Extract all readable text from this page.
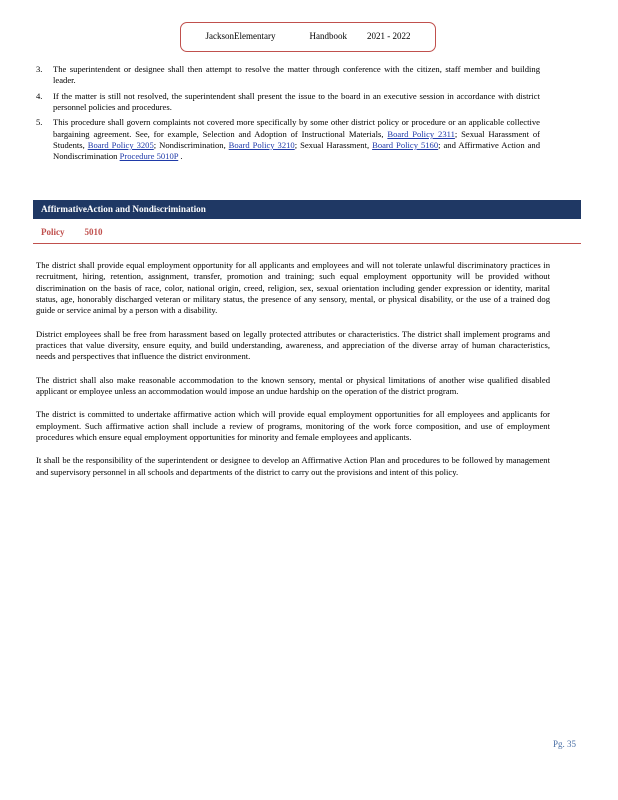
JacksonElementary	Handbook 2021 - 2022
3.	The superintendent or designee shall then attempt to resolve the matter through conference with the citizen, staff member and building leader.
4.	If the matter is still not resolved, the superintendent shall present the issue to the board in an executive session in accordance with district personnel policies and procedures.
5.	This procedure shall govern complaints not covered more specifically by some other district policy or procedure or an applicable collective bargaining agreement. See, for example, Selection and Adoption of Instructional Materials, Board Policy 2311; Sexual Harassment of Students, Board Policy 3205; Nondiscrimination, Board Policy 3210; Sexual Harassment, Board Policy 5160; and Affirmative Action and Nondiscrimination Procedure 5010P .
AffirmativeAction and Nondiscrimination
Policy 5010

The district shall provide equal employment opportunity for all applicants and employees and will not tolerate unlawful discriminatory practices in recruitment, hiring, retention, assignment, transfer, promotion and training; such equal employment opportunity will be provided without discrimination on the basis of race, color, national origin, creed, religion, sex, sexual orientation including gender expression or identity, marital status, age, honorably discharged veteran or military status, the presence of any sensory, mental, or physical disability, or the use of a trained dog guide or service animal by a person with a disability.

District employees shall be free from harassment based on legally protected attributes or characteristics. The district shall implement programs and practices that value diversity, ensure equity, and build understanding, awareness, and appreciation of the diverse array of human characteristics, needs and perspectives that influence the district environment.

The district shall also make reasonable accommodation to the known sensory, mental or physical limitations of another wise qualified disabled applicant or employee unless an accommodation would impose an undue hardship on the operation of the district program.

The district is committed to undertake affirmative action which will provide equal employment opportunities for all employees and applicants for employment. Such affirmative action shall include a review of programs, monitoring of the work force composition, and use of employment procedures which ensure equal employment opportunities for minority and female employees and applicants.

It shall be the responsibility of the superintendent or designee to develop an Affirmative Action Plan and procedures to be followed by management and supervisory personnel in all schools and departments of the district to carry out the provisions and intent of this policy.

Pg. 35
